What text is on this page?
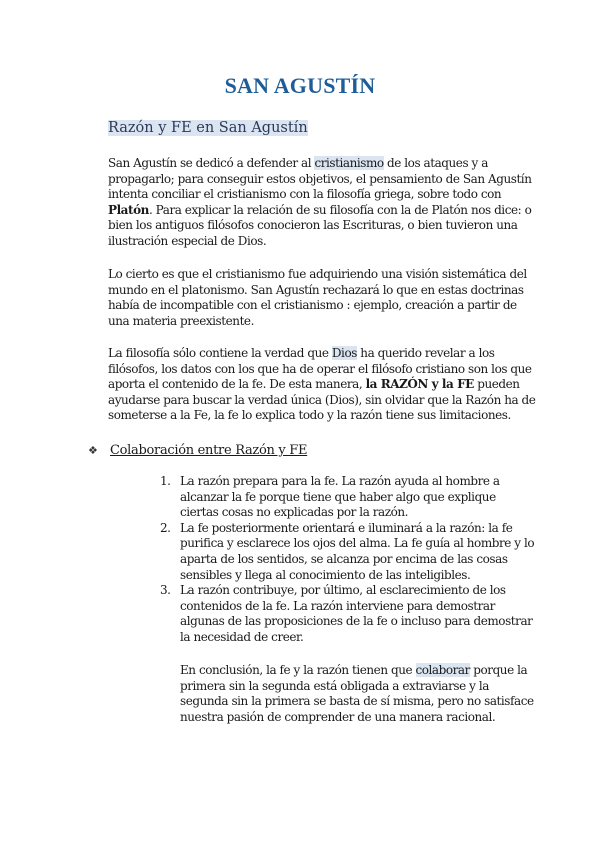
SAN AGUSTÍN
Razón y FE en San Agustín

San Agustín se dedicó a defender al cristianismo de los ataques y a propagarlo; para conseguir estos objetivos, el pensamiento de San Agustín intenta conciliar el cristianismo con la filosofía griega, sobre todo con Platón. Para explicar la relación de su filosofía con la de Platón nos dice: o bien los antiguos filósofos conocieron las Escrituras, o bien tuvieron una ilustración especial de Dios.

Lo cierto es que el cristianismo fue adquiriendo una visión sistemática del mundo en el platonismo. San Agustín rechazará lo que en estas doctrinas había de incompatible con el cristianismo : ejemplo, creación a partir de una materia preexistente.

La filosofía sólo contiene la verdad que Dios ha querido revelar a los filósofos, los datos con los que ha de operar el filósofo cristiano son los que aporta el contenido de la fe. De esta manera, la RAZÓN y la FE pueden ayudarse para buscar la verdad única (Dios), sin olvidar que la Razón ha de someterse a la Fe, la fe lo explica todo y la razón tiene sus limitaciones.

❖ Colaboración entre Razón y FE
1. La razón prepara para la fe. La razón ayuda al hombre a alcanzar la fe porque tiene que haber algo que explique ciertas cosas no explicadas por la razón.
2. La fe posteriormente orientará e iluminará a la razón: la fe purifica y esclarece los ojos del alma. La fe guía al hombre y lo aparta de los sentidos, se alcanza por encima de las cosas sensibles y llega al conocimiento de las inteligibles.
3. La razón contribuye, por último, al esclarecimiento de los contenidos de la fe. La razón interviene para demostrar algunas de las proposiciones de la fe o incluso para demostrar la necesidad de creer.

En conclusión, la fe y la razón tienen que colaborar porque la primera sin la segunda está obligada a extraviarse y la segunda sin la primera se basta de sí misma, pero no satisface nuestra pasión de comprender de una manera racional.
